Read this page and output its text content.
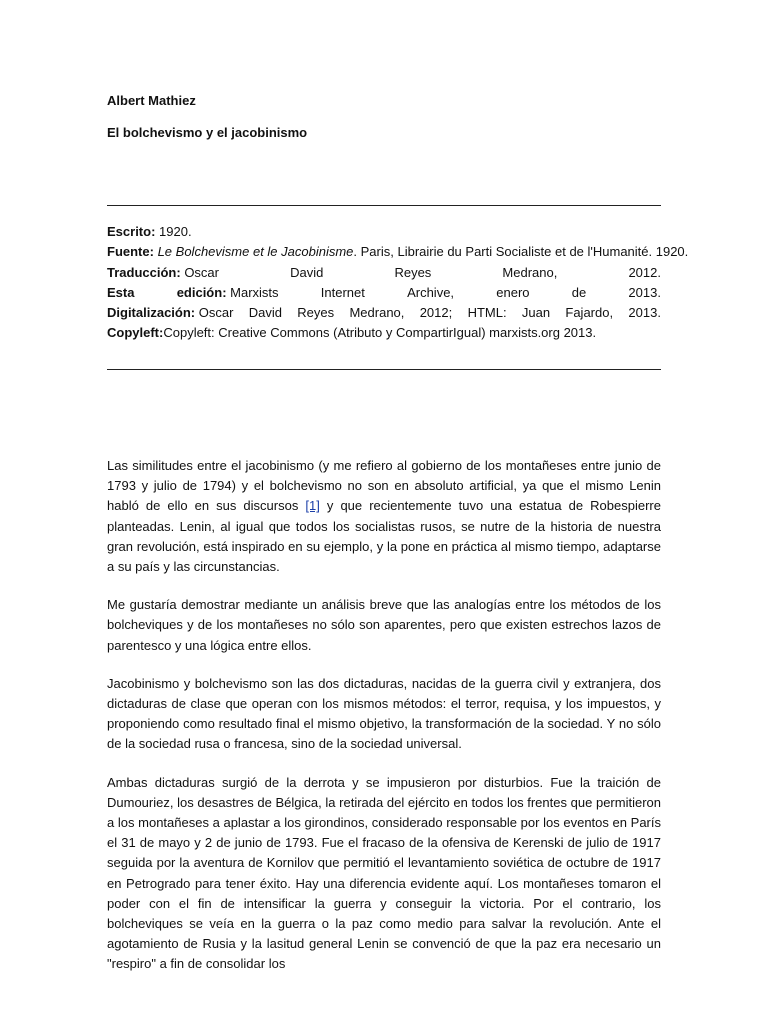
Albert Mathiez
El bolchevismo y el jacobinismo
Escrito: 1920.
Fuente: Le Bolchevisme et le Jacobinisme. Paris, Librairie du Parti Socialiste et de l'Humanité. 1920.
Traducción: Oscar	David	Reyes	Medrano,	2012.
Esta	edición: Marxists	Internet	Archive,	enero	de	2013.
Digitalización: Oscar David Reyes Medrano, 2012; HTML: Juan Fajardo, 2013.
Copyleft:Copyleft: Creative Commons (Atributo y CompartirIgual) marxists.org 2013.

Las similitudes entre el jacobinismo (y me refiero al gobierno de los montañeses entre junio de 1793 y julio de 1794) y el bolchevismo no son en absoluto artificial, ya que el mismo Lenin habló de ello en sus discursos [1] y que recientemente tuvo una estatua de Robespierre planteadas. Lenin, al igual que todos los socialistas rusos, se nutre de la historia de nuestra gran revolución, está inspirado en su ejemplo, y la pone en práctica al mismo tiempo, adaptarse a su país y las circunstancias.

Me gustaría demostrar mediante un análisis breve que las analogías entre los métodos de los bolcheviques y de los montañeses no sólo son aparentes, pero que existen estrechos lazos de parentesco y una lógica entre ellos.

Jacobinismo y bolchevismo son las dos dictaduras, nacidas de la guerra civil y extranjera, dos dictaduras de clase que operan con los mismos métodos: el terror, requisa, y los impuestos, y proponiendo como resultado final el mismo objetivo, la transformación de la sociedad. Y no sólo de la sociedad rusa o francesa, sino de la sociedad universal.

Ambas dictaduras surgió de la derrota y se impusieron por disturbios. Fue la traición de Dumouriez, los desastres de Bélgica, la retirada del ejército en todos los frentes que permitieron a los montañeses a aplastar a los girondinos, considerado responsable por los eventos en París el 31 de mayo y 2 de junio de 1793. Fue el fracaso de la ofensiva de Kerenski de julio de 1917 seguida por la aventura de Kornilov que permitió el levantamiento soviética de octubre de 1917 en Petrogrado para tener éxito. Hay una diferencia evidente aquí. Los montañeses tomaron el poder con el fin de intensificar la guerra y conseguir la victoria. Por el contrario, los bolcheviques se veía en la guerra o la paz como medio para salvar la revolución. Ante el agotamiento de Rusia y la lasitud general Lenin se convenció de que la paz era necesario un "respiro" a fin de consolidar los
